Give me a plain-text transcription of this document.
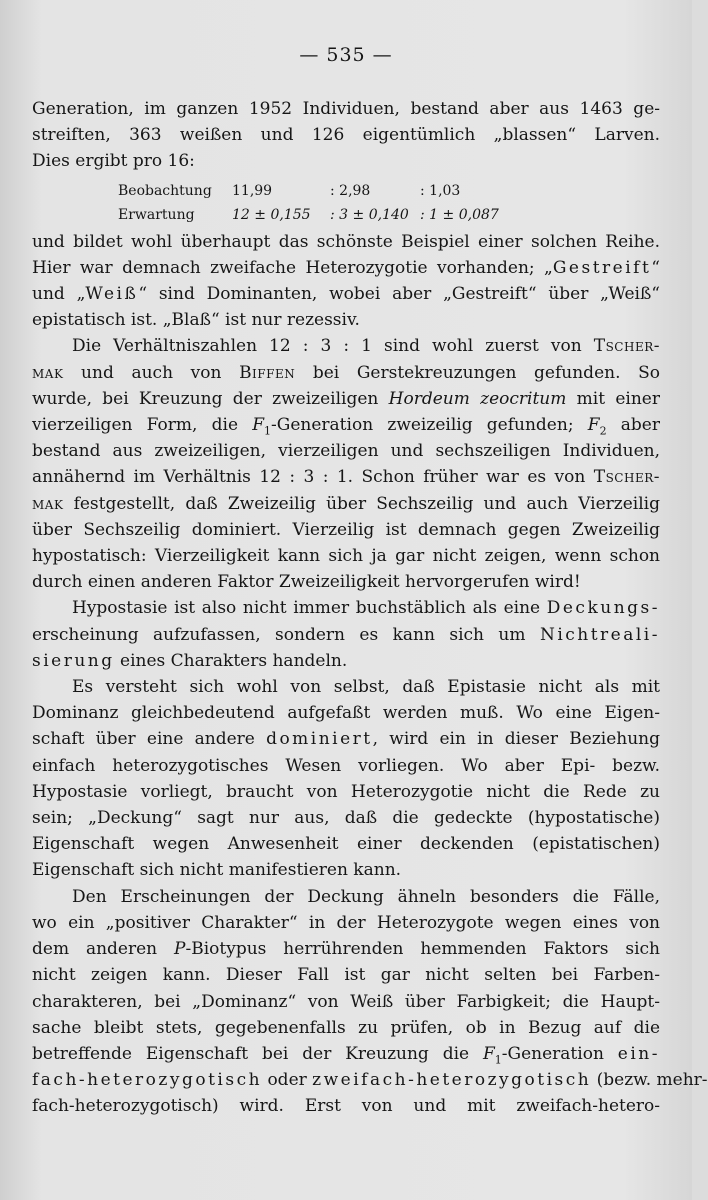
— 535 —
Generation, im ganzen 1952 Individuen, bestand aber aus 1463 ge-
streiften, 363 weißen und 126 eigentümlich „blassen“ Larven.
Dies ergibt pro 16:
Beobachtung	11,99	: 2,98	: 1,03
Erwartung	12 ± 0,155	: 3 ± 0,140 : 1 ± 0,087
und bildet wohl überhaupt das schönste Beispiel einer solchen Reihe.
Hier war demnach zweifache Heterozygotie vorhanden; „Gestreift“
und „Weiß“ sind Dominanten, wobei aber „Gestreift“ über „Weiß“
epistatisch ist. „Blaß“ ist nur rezessiv.
Die Verhältniszahlen 12 : 3 : 1 sind wohl zuerst von Tscher-
mak und auch von Biffen bei Gerstekreuzungen gefunden. So
wurde, bei Kreuzung der zweizeiligen Hordeum zeocritum mit einer
vierzeiligen Form, die $F_1$-Generation zweizeilig gefunden; $F_2$ aber
bestand aus zweizeiligen, vierzeiligen und sechszeiligen Individuen,
annähernd im Verhältnis 12 : 3 : 1. Schon früher war es von Tscher-
mak festgestellt, daß Zweizeilig über Sechszeilig und auch Vierzeilig
über Sechszeilig dominiert. Vierzeilig ist demnach gegen Zweizeilig
hypostatisch: Vierzeiligkeit kann sich ja gar nicht zeigen, wenn schon
durch einen anderen Faktor Zweizeiligkeit hervorgerufen wird!
Hypostasie ist also nicht immer buchstäblich als eine Deckungs-
erscheinung aufzufassen, sondern es kann sich um Nichtreali-
sierung eines Charakters handeln.
Es versteht sich wohl von selbst, daß Epistasie nicht als mit
Dominanz gleichbedeutend aufgefaßt werden muß. Wo eine Eigen-
schaft über eine andere dominiert, wird ein in dieser Beziehung
einfach heterozygotisches Wesen vorliegen. Wo aber Epi- bezw.
Hypostasie vorliegt, braucht von Heterozygotie nicht die Rede zu
sein; „Deckung“ sagt nur aus, daß die gedeckte (hypostatische)
Eigenschaft wegen Anwesenheit einer deckenden (epistatischen)
Eigenschaft sich nicht manifestieren kann.
Den Erscheinungen der Deckung ähneln besonders die Fälle,
wo ein „positiver Charakter“ in der Heterozygote wegen eines von
dem anderen P-Biotypus herrührenden hemmenden Faktors sich
nicht zeigen kann. Dieser Fall ist gar nicht selten bei Farben-
charakteren, bei „Dominanz“ von Weiß über Farbigkeit; die Haupt-
sache bleibt stets, gegebenenfalls zu prüfen, ob in Bezug auf die
betreffende Eigenschaft bei der Kreuzung die $F_1$-Generation ein-
fach-heterozygotisch oder zweifach-heterozygotisch (bezw. mehr-
fach-heterozygotisch) wird. Erst von und mit zweifach-hetero-
